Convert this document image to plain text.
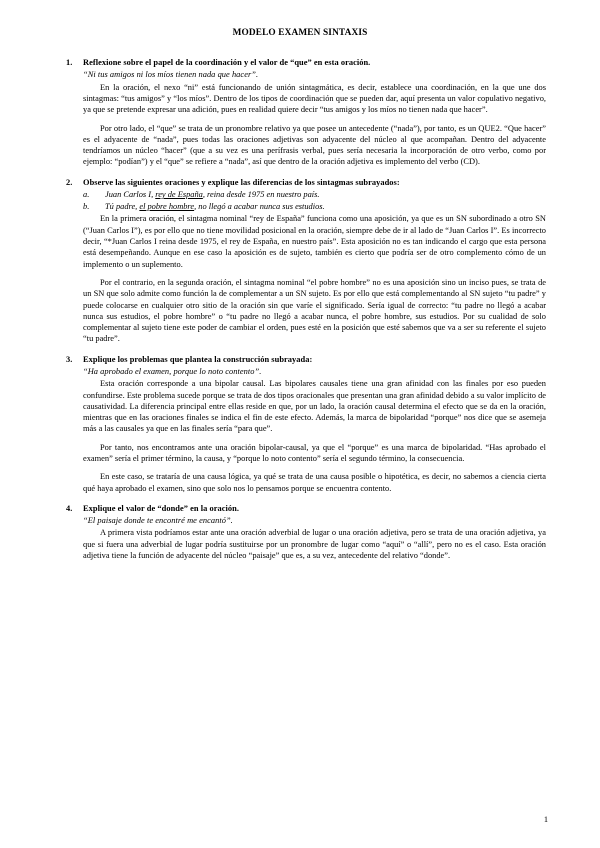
MODELO EXAMEN SINTAXIS
1.	Reflexione sobre el papel de la coordinación y el valor de “que” en esta oración.

“Ni tus amigos ni los míos tienen nada que hacer”.

En la oración, el nexo “ni” está funcionando de unión sintagmática, es decir, establece una coordinación, en la que une dos sintagmas: “tus amigos” y “los míos”. Dentro de los tipos de coordinación que se pueden dar, aquí presenta un valor copulativo negativo, ya que se pretende expresar una adición, pues en realidad quiere decir “tus amigos y los míos no tienen nada que hacer”.

Por otro lado, el “que” se trata de un pronombre relativo ya que posee un antecedente (“nada”), por tanto, es un QUE2. “Que hacer” es el adyacente de “nada”, pues todas las oraciones adjetivas son adyacente del núcleo al que acompañan. Dentro del adyacente tendríamos un núcleo “hacer” (que a su vez es una perífrasis verbal, pues sería necesaria la incorporación de otro verbo, como por ejemplo: “podían”) y el “que” se refiere a “nada”, así que dentro de la oración adjetiva es implemento del verbo (CD).

2.	Observe las siguientes oraciones y explique las diferencias de los sintagmas subrayados:
a.	Juan Carlos I, rey de España, reina desde 1975 en nuestro país.
b.	Tú padre, el pobre hombre, no llegó a acabar nunca sus estudios.

En la primera oración, el sintagma nominal “rey de España” funciona como una aposición, ya que es un SN subordinado a otro SN (“Juan Carlos I”), es por ello que no tiene movilidad posicional en la oración, siempre debe de ir al lado de “Juan Carlos I”. Es incorrecto decir, “*Juan Carlos I reina desde 1975, el rey de España, en nuestro país”. Esta aposición no es tan indicando el cargo que esta persona está desempeñando. Aunque en ese caso la aposición es de sujeto, también es cierto que podría ser de otro complemento cómo de un implemento o un suplemento.

Por el contrario, en la segunda oración, el sintagma nominal “el pobre hombre” no es una aposición sino un inciso pues, se trata de un SN que solo admite como función la de complementar a un SN sujeto. Es por ello que está complementando al SN sujeto “tu padre” y puede colocarse en cualquier otro sitio de la oración sin que varíe el significado. Sería igual de correcto: “tu padre no llegó a acabar nunca sus estudios, el pobre hombre” o “tu padre no llegó a acabar nunca, el pobre hombre, sus estudios. Por su cualidad de solo complementar al sujeto tiene este poder de cambiar el orden, pues esté en la posición que esté sabemos que va a ser su referente el sujeto “tu padre”.

3.	Explique los problemas que plantea la construcción subrayada:

“Ha aprobado el examen, porque lo noto contento”.

Esta oración corresponde a una bipolar causal. Las bipolares causales tiene una gran afinidad con las finales por eso pueden confundirse. Este problema sucede porque se trata de dos tipos oracionales que presentan una gran afinidad debido a su valor implícito de causatividad. La diferencia principal entre ellas reside en que, por un lado, la oración causal determina el efecto que se da en la oración, mientras que en las oraciones finales se indica el fin de este efecto. Además, la marca de bipolaridad “porque” nos dice que se asemeja más a las causales ya que en las finales sería “para que”.

Por tanto, nos encontramos ante una oración bipolar-causal, ya que el “porque” es una marca de bipolaridad. “Has aprobado el examen” sería el primer término, la causa, y “porque lo noto contento” sería el segundo término, la consecuencia.

En este caso, se trataría de una causa lógica, ya qué se trata de una causa posible o hipotética, es decir, no sabemos a ciencia cierta qué haya aprobado el examen, sino que solo nos lo pensamos porque se encuentra contento.

4.	Explique el valor de “donde” en la oración.

“El paisaje donde te encontré me encantó”.

A primera vista podríamos estar ante una oración adverbial de lugar o una oración adjetiva, pero se trata de una oración adjetiva, ya que si fuera una adverbial de lugar podría sustituirse por un pronombre de lugar como “aquí” o “allí”, pero no es el caso. Esta oración adjetiva tiene la función de adyacente del núcleo “paisaje” que es, a su vez, antecedente del relativo “donde”.

1
